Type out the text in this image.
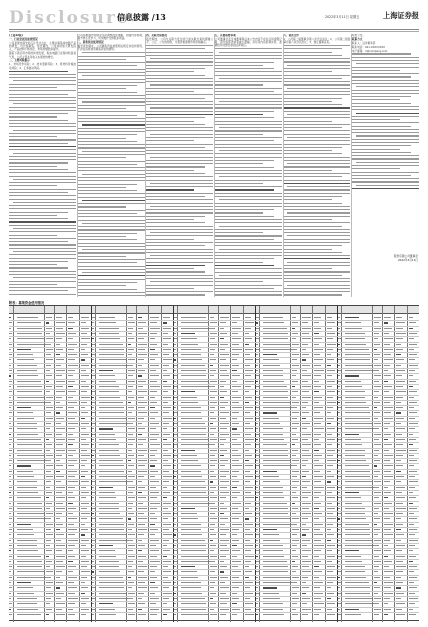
Disclosure
信息披露 /13	2022年3月11日 星期五	上海证券报

(上接12版)

一、行业发展及前景情况

公司是国内领先的芯片设计企业，主要从事集成电路产品的研发、设计和销售。报告期内，公司持续加大研发投入，产品结构不断优化，市场份额稳步提升。

随着下游应用市场的快速发展，集成电路行业保持较高景气度，公司主营业务收入实现较快增长。

二、主要风险提示

1、市场竞争风险；2、技术更新风险；3、原材料价格波动风险；4、汇率波动风险。

公司将根据市场情况及时调整经营策略，加强内部管理，提升核心竞争力，切实维护全体股东利益。

三、募集资金使用情况

截至报告期末，公司募集资金按照相关规定存放和使用，不存在违规使用募集资金的情形。

四、关联交易情况

报告期内，公司与关联方发生的日常关联交易均遵循公平、公正、公允的原则，交易价格参照市场价格确定。

五、其他重要事项

公司董事会及全体董事保证本公告内容不存在任何虚假记载、误导性陈述或者重大遗漏，并对其内容的真实性、准确性和完整性承担法律责任。

六、备查文件

1、公司第二届董事会第八次会议决议；2、公司第二届监事会第六次会议决议；3、独立董事意见。

特此公告。

联系方式

联系人：证券事务部

联系电话：021-XXXXXXXX

电子邮箱：ir@company.com

股份有限公司董事会
2022年3月11日
附表：募集资金使用情况
